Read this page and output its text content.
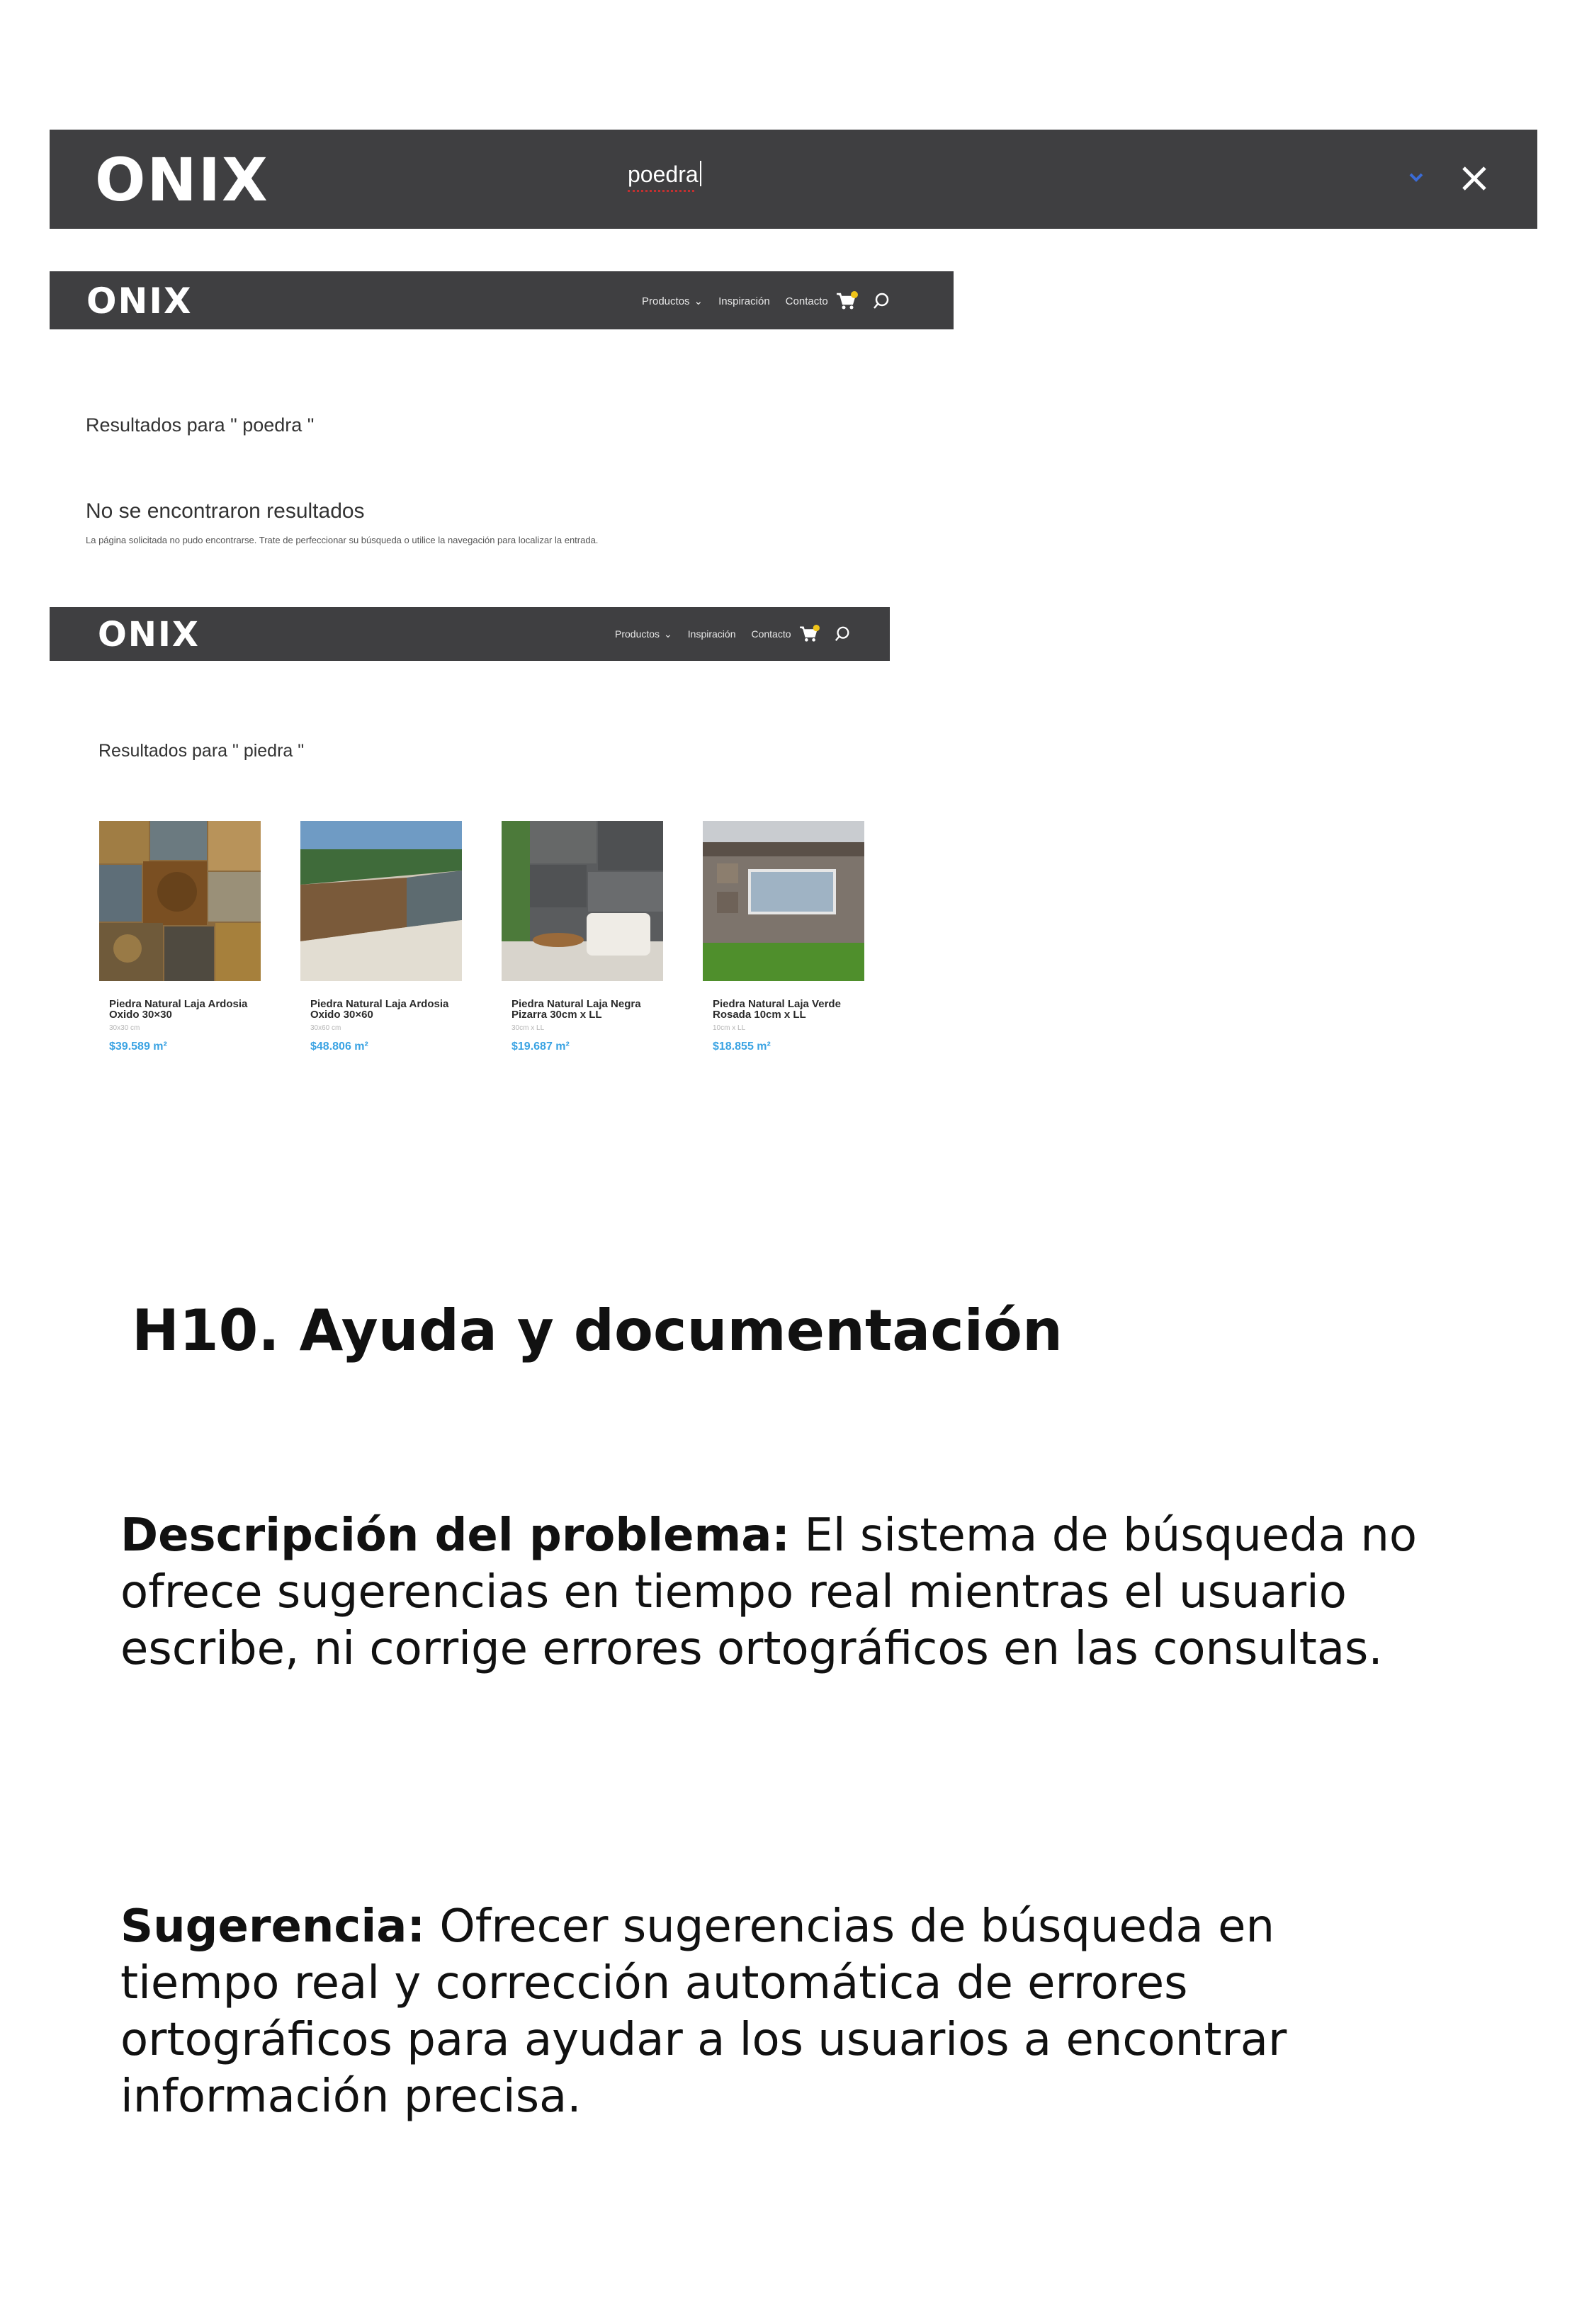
ONIX	poedra
ONIX	Productos ⌄ Inspiración Contacto
Resultados para " poedra "
No se encontraron resultados
La página solicitada no pudo encontrarse. Trate de perfeccionar su búsqueda o utilice la navegación para localizar la entrada.
ONIX	Productos ⌄ Inspiración Contacto
Resultados para " piedra "
Piedra Natural Laja Ardosia Oxido 30×30
30x30 cm
$39.589 m²
Piedra Natural Laja Ardosia Oxido 30×60
30x60 cm
$48.806 m²
Piedra Natural Laja Negra Pizarra 30cm x LL
30cm x LL
$19.687 m²
Piedra Natural Laja Verde Rosada 10cm x LL
10cm x LL
$18.855 m²
H10. Ayuda y documentación
Descripción del problema: El sistema de búsqueda no ofrece sugerencias en tiempo real mientras el usuario escribe, ni corrige errores ortográficos en las consultas.
Sugerencia: Ofrecer sugerencias de búsqueda en tiempo real y corrección automática de errores ortográficos para ayudar a los usuarios a encontrar información precisa.
